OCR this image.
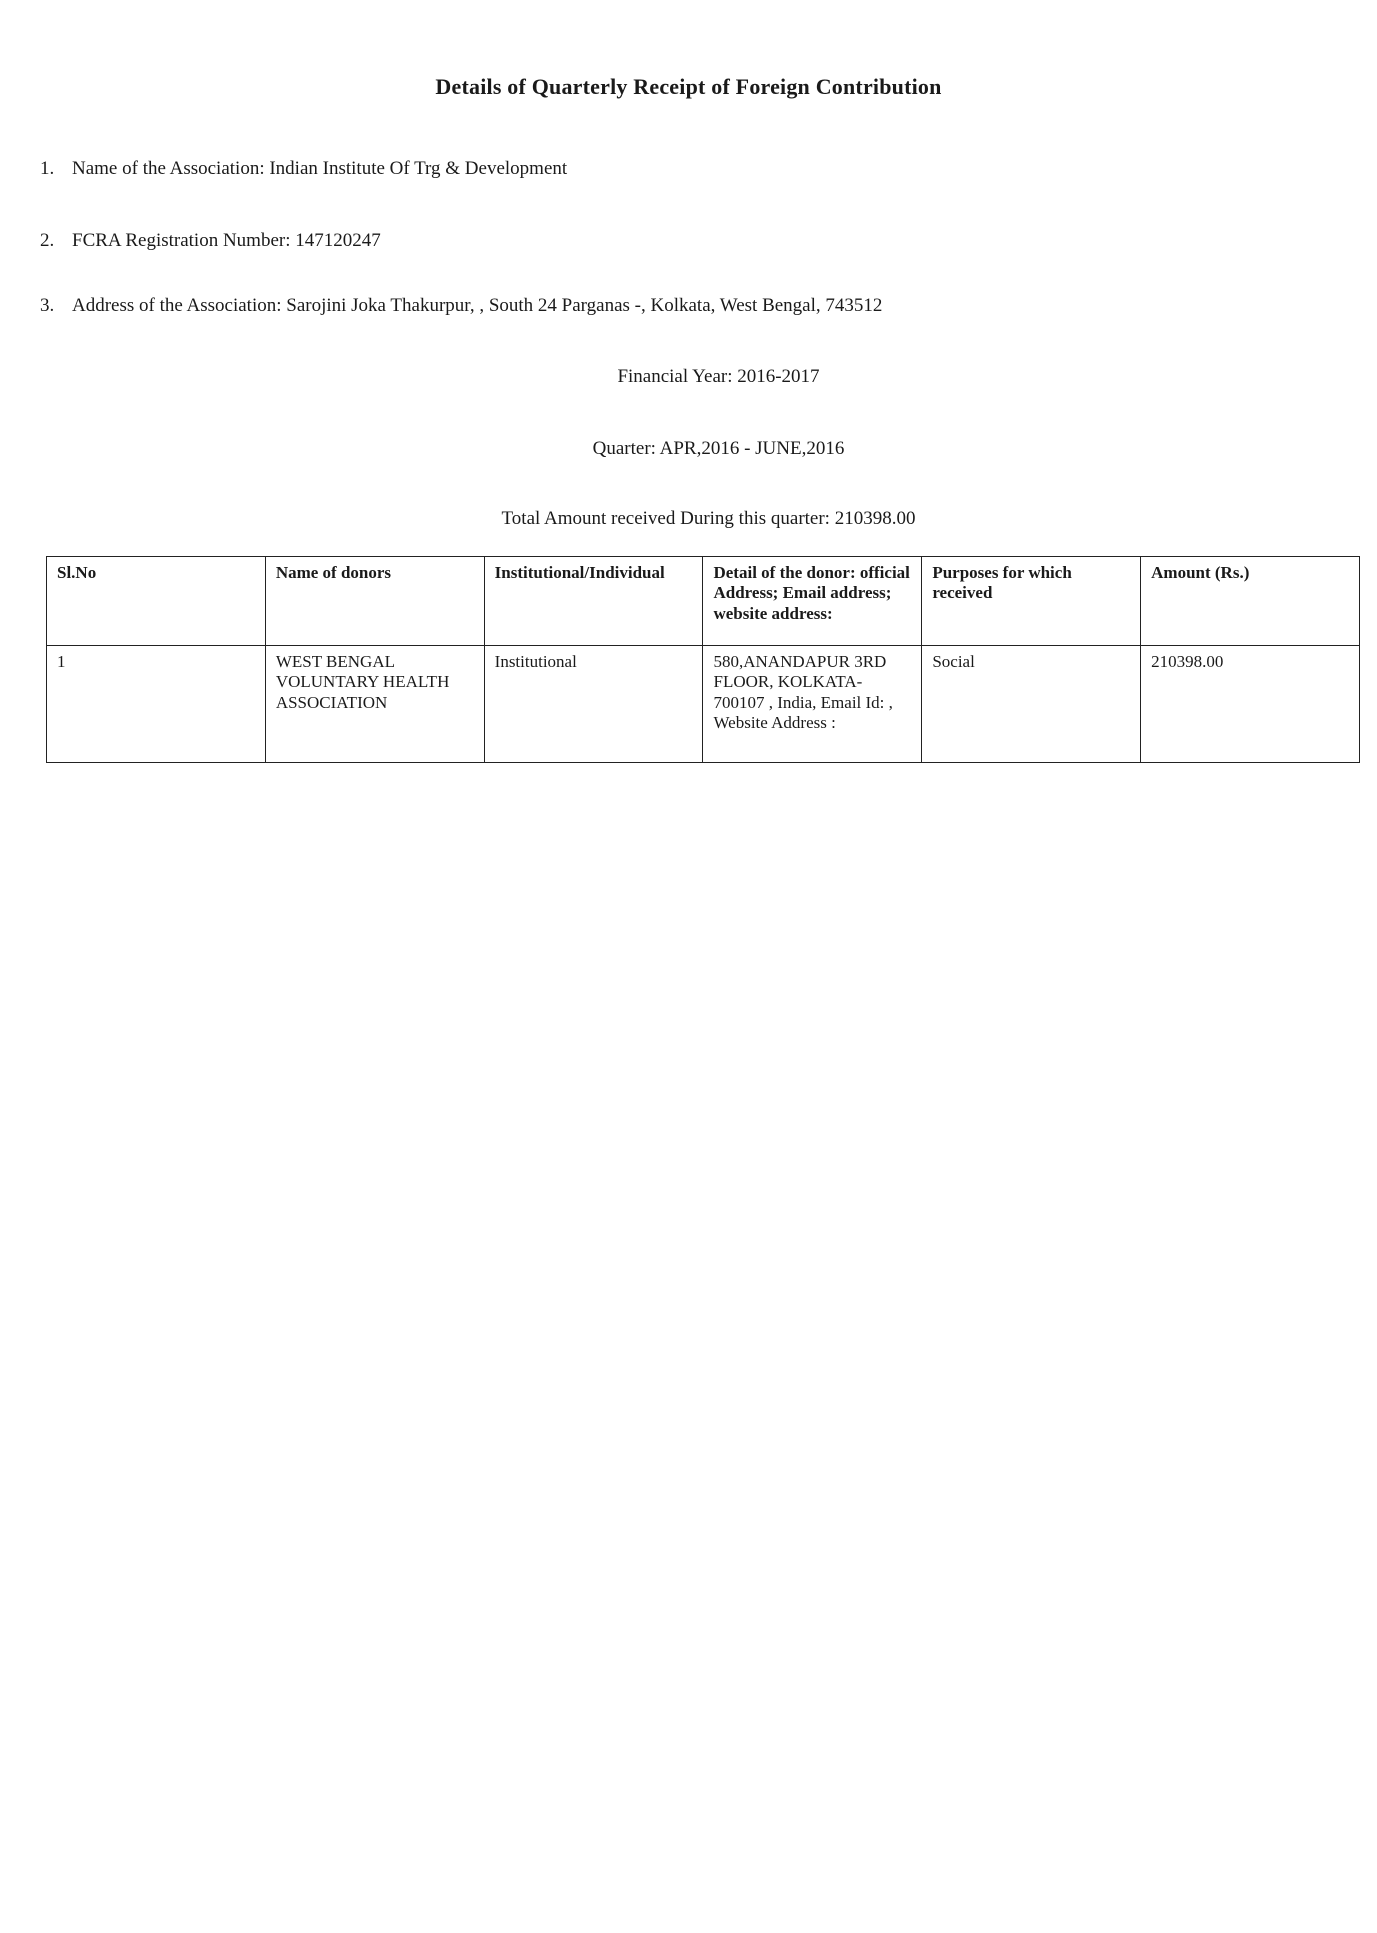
Details of Quarterly Receipt of Foreign Contribution
1. Name of the Association: Indian Institute Of Trg & Development
2. FCRA Registration Number: 147120247
3. Address of the Association: Sarojini Joka Thakurpur, , South 24 Parganas -, Kolkata, West Bengal, 743512
Financial Year: 2016-2017
Quarter: APR,2016 - JUNE,2016
Total Amount received During this quarter: 210398.00
Sl.No	Name of donors	Institutional/Individual	Detail of the donor: official Address; Email address; website address:	Purposes for which received	Amount (Rs.)
1	WEST BENGAL VOLUNTARY HEALTH ASSOCIATION	Institutional	580,ANANDAPUR 3RD FLOOR, KOLKATA-700107 , India, Email Id: , Website Address :	Social	210398.00
